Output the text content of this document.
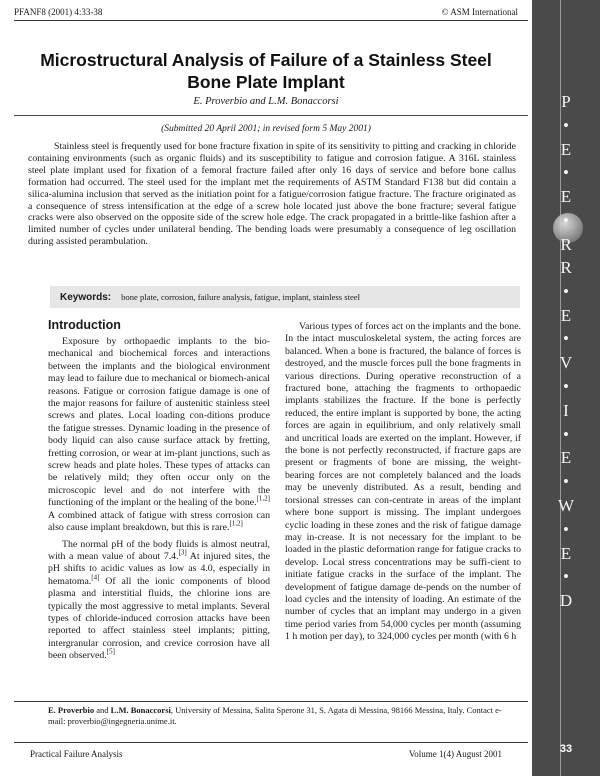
PFANF8 (2001) 4:33-38	© ASM International
Microstructural Analysis of Failure of a Stainless Steel
Bone Plate Implant
E. Proverbio and L.M. Bonaccorsi
(Submitted 20 April 2001; in revised form 5 May 2001)
Stainless steel is frequently used for bone fracture fixation in spite of its sensitivity to pitting and cracking in chloride containing environments (such as organic fluids) and its susceptibility to fatigue and corrosion fatigue. A 316L stainless steel plate implant used for fixation of a femoral fracture failed after only 16 days of service and before bone callus formation had occurred. The steel used for the implant met the requirements of ASTM Standard F138 but did contain a silica-alumina inclusion that served as the initiation point for a fatigue/corrosion fatigue fracture. The fracture originated as a consequence of stress intensification at the edge of a screw hole located just above the bone fracture; several fatigue cracks were also observed on the opposite side of the screw hole edge. The crack propagated in a brittle-like fashion after a limited number of cycles under unilateral bending. The bending loads were presumably a consequence of leg oscillation during assisted perambulation.
Keywords: bone plate, corrosion, failure analysis, fatigue, implant, stainless steel
Introduction

Exposure by orthopaedic implants to the bio-mechanical and biochemical forces and interactions between the implants and the biological environment may lead to failure due to mechanical or biomech-anical reasons. Fatigue or corrosion fatigue damage is one of the major reasons for failure of austenitic stainless steel screws and plates. Local loading con-ditions produce the fatigue stresses. Dynamic loading in the presence of body liquid can also cause surface attack by fretting, fretting corrosion, or wear at im-plant junctions, such as screw heads and plate holes. These types of attacks can be relatively mild; they often occur only on the microscopic level and do not interfere with the functioning of the implant or the healing of the bone.[1,2] A combined attack of fatigue with stress corrosion can also cause implant breakdown, but this is rare.[1,2]

The normal pH of the body fluids is almost neutral, with a mean value of about 7.4.[3] At injured sites, the pH shifts to acidic values as low as 4.0, especially in hematoma.[4] Of all the ionic components of blood plasma and interstitial fluids, the chlorine ions are typically the most aggressive to metal implants. Several types of chloride-induced corrosion attacks have been reported to affect stainless steel implants; pitting, intergranular corrosion, and crevice corrosion have all been observed.[5]

Various types of forces act on the implants and the bone. In the intact musculoskeletal system, the acting forces are balanced. When a bone is fractured, the balance of forces is destroyed, and the muscle forces pull the bone fragments in various directions. During operative reconstruction of a fractured bone, attaching the fragments to orthopaedic implants stabilizes the fracture. If the bone is perfectly reduced, the entire implant is supported by bone, the acting forces are again in equilibrium, and only relatively small and uncritical loads are exerted on the implant. However, if the bone is not perfectly reconstructed, if fracture gaps are present or fragments of bone are missing, the weight-bearing forces are not completely balanced and the loads may be unevenly distributed. As a result, bending and torsional stresses can con-centrate in areas of the implant where bone support is missing. The implant undergoes cyclic loading in these zones and the risk of fatigue damage may in-crease. It is not necessary for the implant to be loaded in the plastic deformation range for fatigue cracks to develop. Local stress concentrations may be suffi-cient to initiate fatigue cracks in the surface of the implant. The development of fatigue damage de-pends on the number of load cycles and the intensity of loading. An estimate of the number of cycles that an implant may undergo in a given time period varies from 54,000 cycles per month (assuming 1 h motion per day), to 324,000 cycles per month (with 6 h

E. Proverbio and L.M. Bonaccorsi, University of Messina, Salita Sperone 31, S. Agata di Messina, 98166 Messina, Italy. Contact e-mail: proverbio@ingegneria.unime.it.
Practical Failure Analysis	Volume 1(4) August 2001
P
•
E
•
E
•
R
R
•
E
•
V
•
I
•
E
•
W
•
E
•
D
33
